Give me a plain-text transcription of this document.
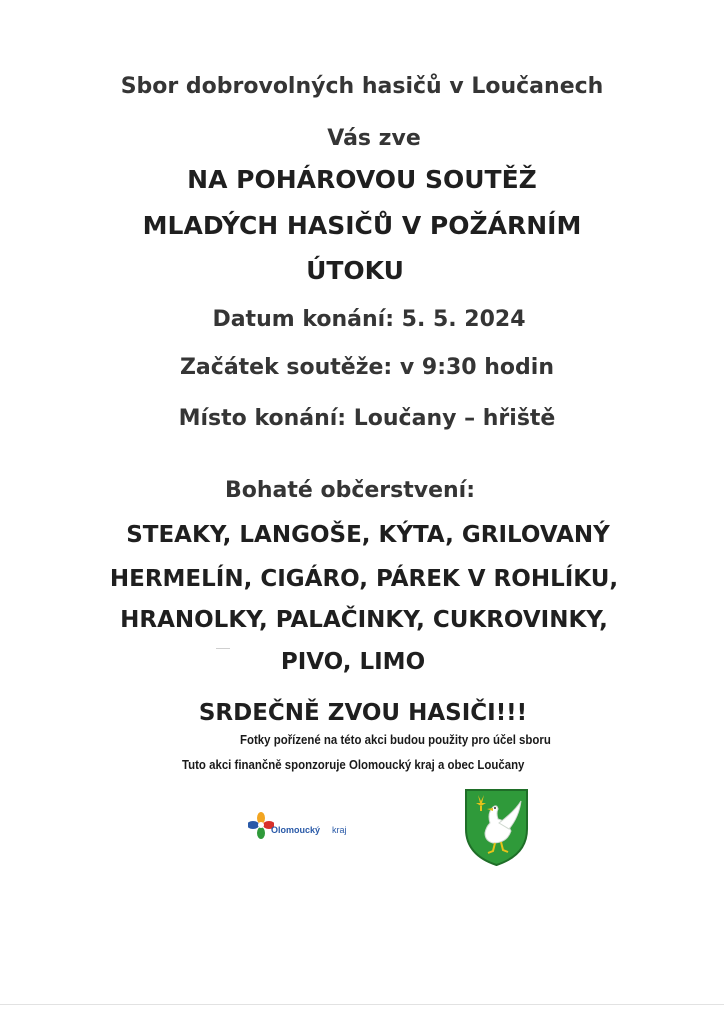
Sbor dobrovolných hasičů v Loučanech
Vás zve
NA POHÁROVOU SOUTĚŽ
MLADÝCH HASIČŮ V POŽÁRNÍM
ÚTOKU
Datum konání: 5. 5. 2024
Začátek soutěže: v 9:30 hodin
Místo konání: Loučany – hřiště
Bohaté občerstvení:
STEAKY, LANGOŠE, KÝTA, GRILOVANÝ
HERMELÍN, CIGÁRO, PÁREK V ROHLÍKU,
HRANOLKY, PALAČINKY, CUKROVINKY,
PIVO, LIMO
SRDEČNĚ ZVOU HASIČI!!!
Fotky pořízené na této akci budou použity pro účel sboru
Tuto akci finančně sponzoruje Olomoucký kraj a obec Loučany
Olomoucký kraj
